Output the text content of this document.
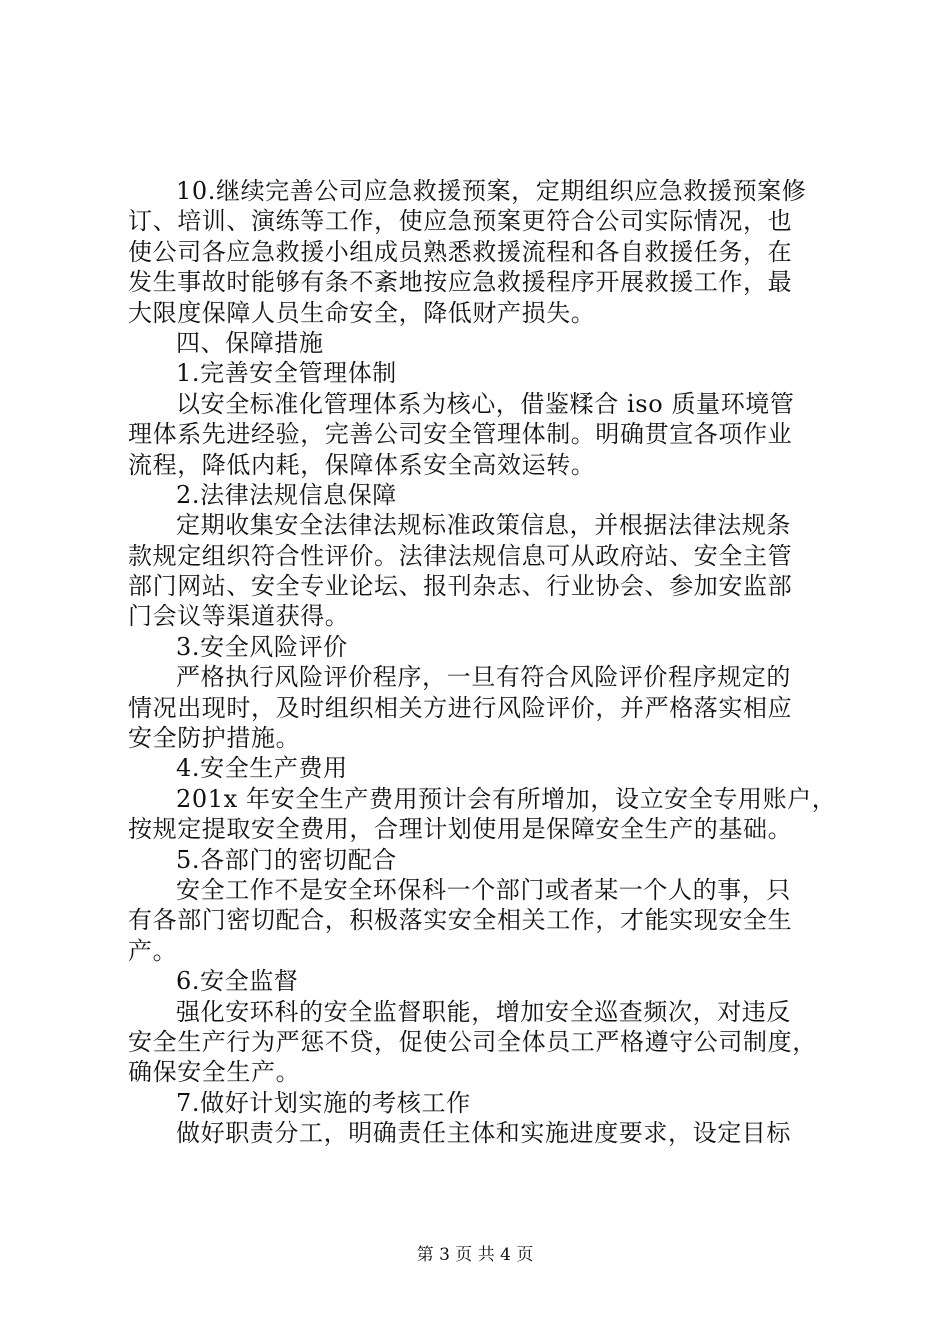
10.继续完善公司应急救援预案，定期组织应急救援预案修
订、培训、演练等工作，使应急预案更符合公司实际情况，也
使公司各应急救援小组成员熟悉救援流程和各自救援任务，在
发生事故时能够有条不紊地按应急救援程序开展救援工作，最
大限度保障人员生命安全，降低财产损失。
四、保障措施
1.完善安全管理体制
以安全标准化管理体系为核心，借鉴糅合 iso 质量环境管
理体系先进经验，完善公司安全管理体制。明确贯宣各项作业
流程，降低内耗，保障体系安全高效运转。
2.法律法规信息保障
定期收集安全法律法规标准政策信息，并根据法律法规条
款规定组织符合性评价。法律法规信息可从政府站、安全主管
部门网站、安全专业论坛、报刊杂志、行业协会、参加安监部
门会议等渠道获得。
3.安全风险评价
严格执行风险评价程序，一旦有符合风险评价程序规定的
情况出现时，及时组织相关方进行风险评价，并严格落实相应
安全防护措施。
4.安全生产费用
201x 年安全生产费用预计会有所增加，设立安全专用账户，
按规定提取安全费用，合理计划使用是保障安全生产的基础。
5.各部门的密切配合
安全工作不是安全环保科一个部门或者某一个人的事，只
有各部门密切配合，积极落实安全相关工作，才能实现安全生
产。
6.安全监督
强化安环科的安全监督职能，增加安全巡查频次，对违反
安全生产行为严惩不贷，促使公司全体员工严格遵守公司制度，
确保安全生产。
7.做好计划实施的考核工作
做好职责分工，明确责任主体和实施进度要求，设定目标
第 3 页 共 4 页
